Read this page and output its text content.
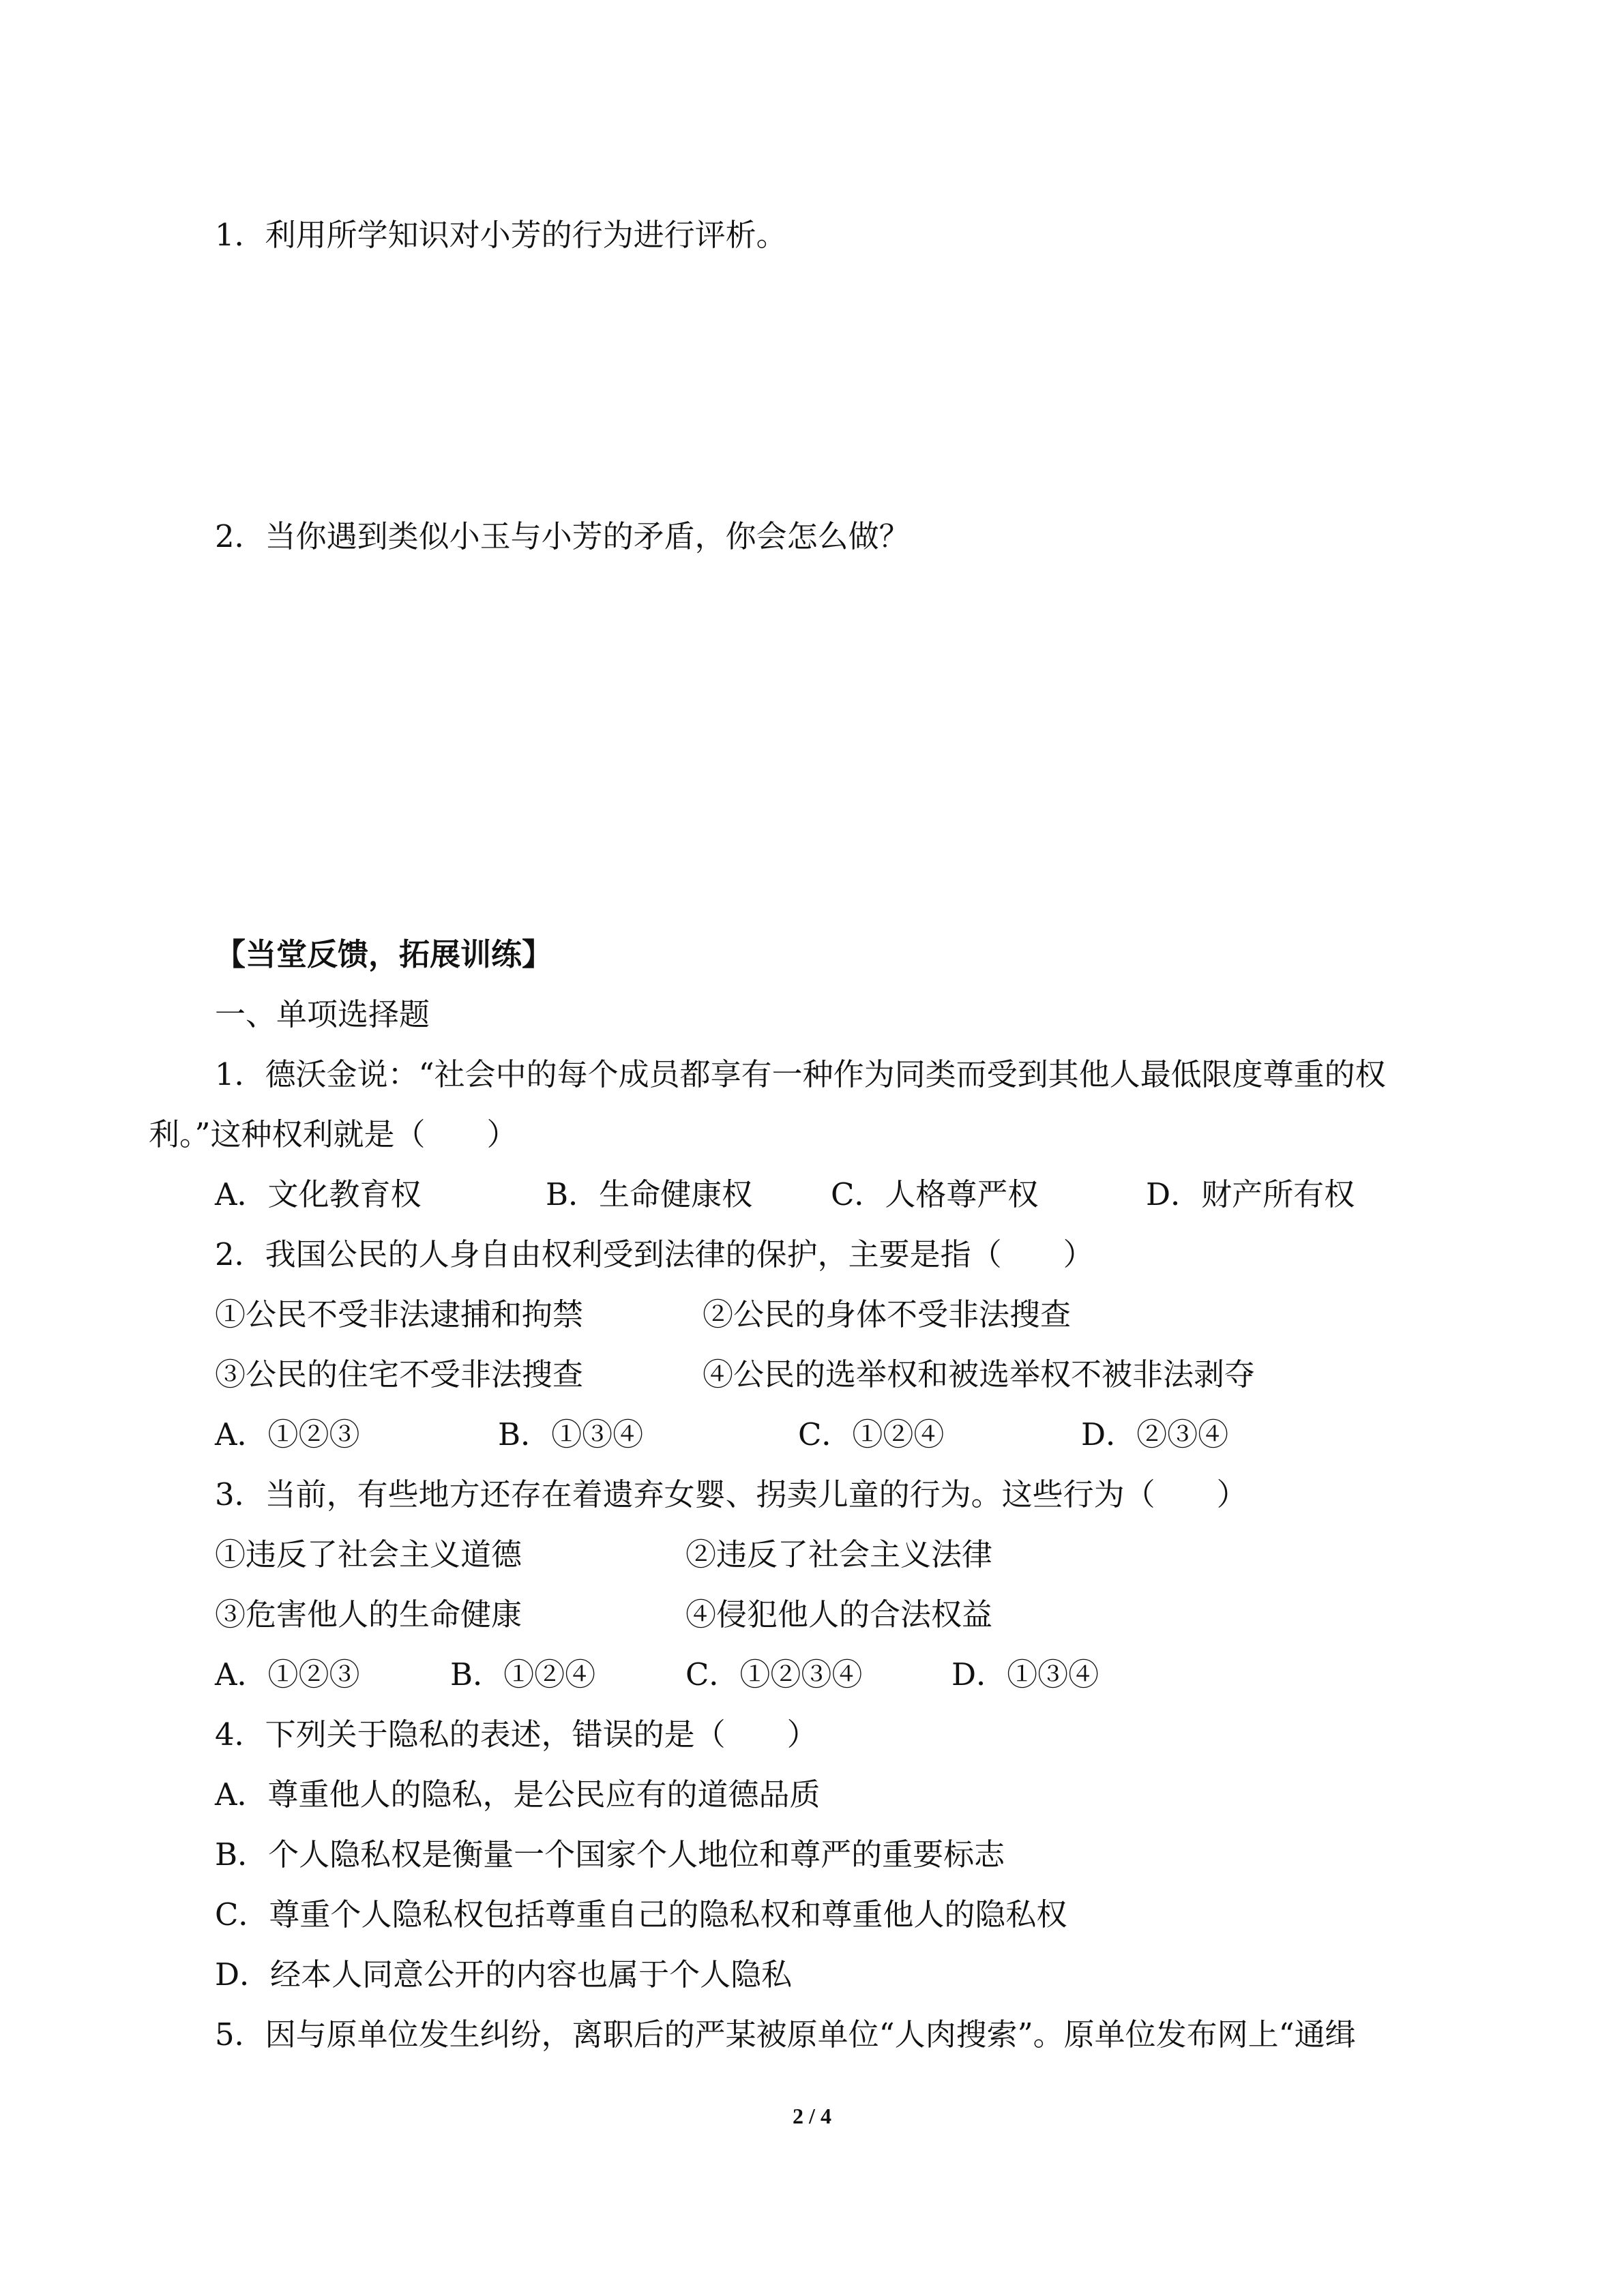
1．利用所学知识对小芳的行为进行评析。
2．当你遇到类似小玉与小芳的矛盾，你会怎么做？
【当堂反馈，拓展训练】
一、单项选择题
1．德沃金说：“社会中的每个成员都享有一种作为同类而受到其他人最低限度尊重的权
利。”这种权利就是（　　）
A．文化教育权	B．生命健康权	C．人格尊严权	D．财产所有权
2．我国公民的人身自由权利受到法律的保护，主要是指（　　）
①公民不受非法逮捕和拘禁	②公民的身体不受非法搜查
③公民的住宅不受非法搜查	④公民的选举权和被选举权不被非法剥夺
A．①②③	B．①③④	C．①②④	D．②③④
3．当前，有些地方还存在着遗弃女婴、拐卖儿童的行为。这些行为（　　）
①违反了社会主义道德	②违反了社会主义法律
③危害他人的生命健康	④侵犯他人的合法权益
A．①②③	B．①②④	C．①②③④	D．①③④
4．下列关于隐私的表述，错误的是（　　）
A．尊重他人的隐私，是公民应有的道德品质
B．个人隐私权是衡量一个国家个人地位和尊严的重要标志
C．尊重个人隐私权包括尊重自己的隐私权和尊重他人的隐私权
D．经本人同意公开的内容也属于个人隐私
5．因与原单位发生纠纷，离职后的严某被原单位“人肉搜索”。原单位发布网上“通缉
2 / 4
